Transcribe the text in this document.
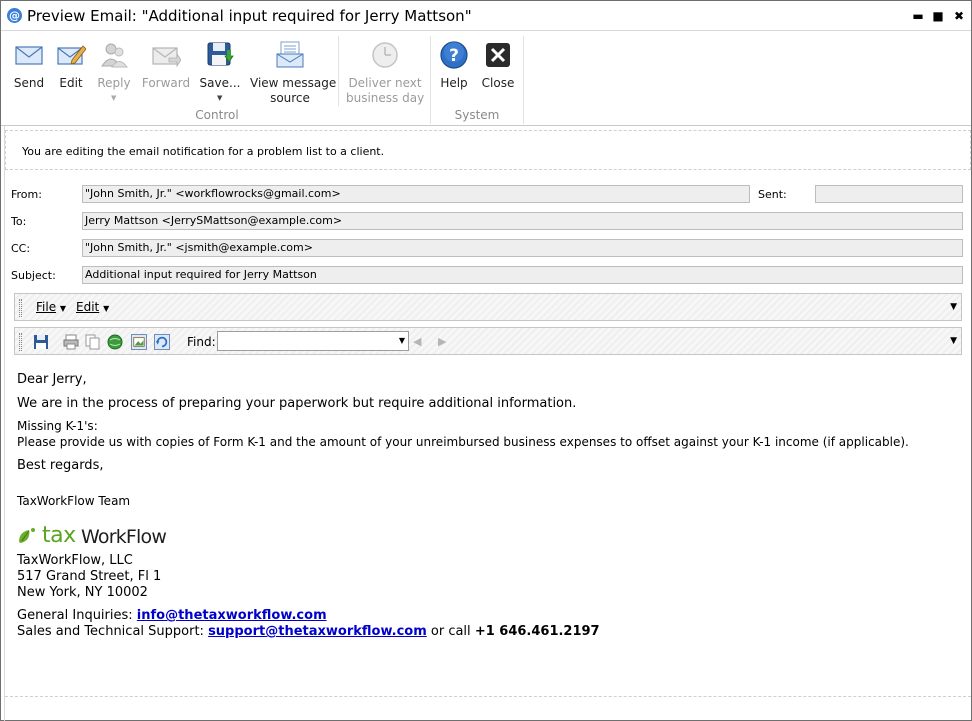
@ Preview Email: "Additional input required for Jerry Mattson"	▬ ■ ✖
Send	Edit	Reply
▼
Forward Save...
▼
View message
source
Control
Deliver next
business day
?
Help	Close
System
You are editing the email notification for a problem list to a client.
From:	"John Smith, Jr." <workflowrocks@gmail.com>	Sent:
To:	Jerry Mattson <JerrySMattson@example.com>
CC:	"John Smith, Jr." <jsmith@example.com>
Subject:	Additional input required for Jerry Mattson
File ▼ Edit ▼	▼
Find:	▼ ◀ ▶	▼
Dear Jerry,
We are in the process of preparing your paperwork but require additional information.
Missing K-1's:
Please provide us with copies of Form K-1 and the amount of your unreimbursed business expenses to offset against your K-1 income (if applicable).
Best regards,
TaxWorkFlow Team
tax WorkFlow
TaxWorkFlow, LLC
517 Grand Street, Fl 1
New York, NY 10002
General Inquiries: info@thetaxworkflow.com
Sales and Technical Support: support@thetaxworkflow.com or call +1 646.461.2197
